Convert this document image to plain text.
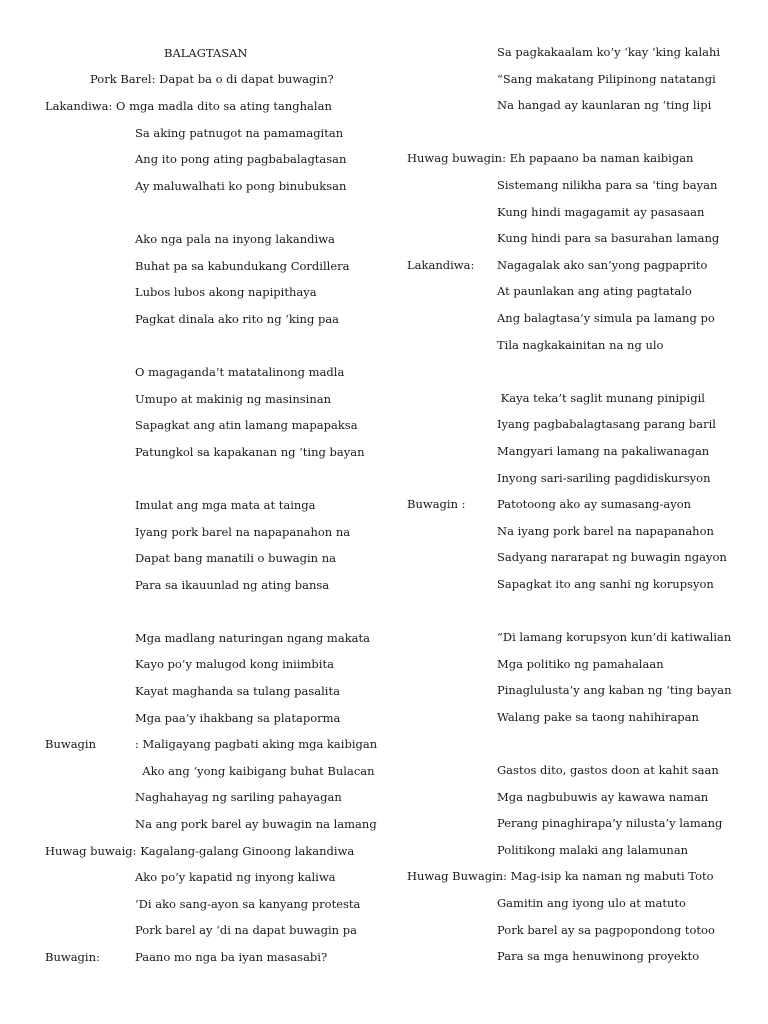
BALAGTASAN
Pork Barel: Dapat ba o di dapat buwagin?
Lakandiwa: O mga madla dito sa ating tanghalan
Sa aking patnugot na pamamagitan
Ang ito pong ating pagbabalagtasan
Ay maluwalhati ko pong binubuksan
Ako nga pala na inyong lakandiwa
Buhat pa sa kabundukang Cordillera
Lubos lubos akong napipithaya
Pagkat dinala ako rito ng ‘king paa
O magaganda’t matatalinong madla
Umupo at makinig ng masinsinan
Sapagkat ang atin lamang mapapaksa
Patungkol sa kapakanan ng ‘ting bayan
Imulat ang mga mata at tainga
Iyang pork barel na napapanahon na
Dapat bang manatili o buwagin na
Para sa ikauunlad ng ating bansa
Mga madlang naturingan ngang makata
Kayo po’y malugod kong iniimbita
Kayat maghanda sa tulang pasalita
Mga paa’y ihakbang sa plataporma
Buwagin	: Maligayang pagbati aking mga kaibigan
Ako ang ‘yong kaibigang buhat Bulacan
Naghahayag ng sariling pahayagan
Na ang pork barel ay buwagin na lamang
Huwag buwaig: Kagalang-galang Ginoong lakandiwa
Ako po’y kapatid ng inyong kaliwa
’Di ako sang-ayon sa kanyang protesta
Pork barel ay ‘di na dapat buwagin pa
Buwagin:	Paano mo nga ba iyan masasabi?
Sa pagkakaalam ko’y ‘kay ‘king kalahi
“Sang makatang Pilipinong natatangi
Na hangad ay kaunlaran ng ‘ting lipi
Huwag buwagin: Eh papaano ba naman kaibigan
Sistemang nilikha para sa ‘ting bayan
Kung hindi magagamit ay pasasaan
Kung hindi para sa basurahan lamang
Lakandiwa: Nagagalak ako san’yong pagpaprito
At paunlakan ang ating pagtatalo
Ang balagtasa’y simula pa lamang po
Tila nagkakainitan na ng ulo
Kaya teka’t saglit munang pinipigil
Iyang pagbabalagtasang parang baril
Mangyari lamang na pakaliwanagan
Inyong sari-sariling pagdidiskursyon
Buwagin :	Patotoong ako ay sumasang-ayon
Na iyang pork barel na napapanahon
Sadyang nararapat ng buwagin ngayon
Sapagkat ito ang sanhi ng korupsyon
“Di lamang korupsyon kun’di katiwalian
Mga politiko ng pamahalaan
Pinaglulusta’y ang kaban ng ‘ting bayan
Walang pake sa taong nahihirapan
Gastos dito, gastos doon at kahit saan
Mga nagbubuwis ay kawawa naman
Perang pinaghirapa’y nilusta’y lamang
Politikong malaki ang lalamunan
Huwag Buwagin: Mag-isip ka naman ng mabuti Toto
Gamitin ang iyong ulo at matuto
Pork barel ay sa pagpopondong totoo
Para sa mga henuwinong proyekto
